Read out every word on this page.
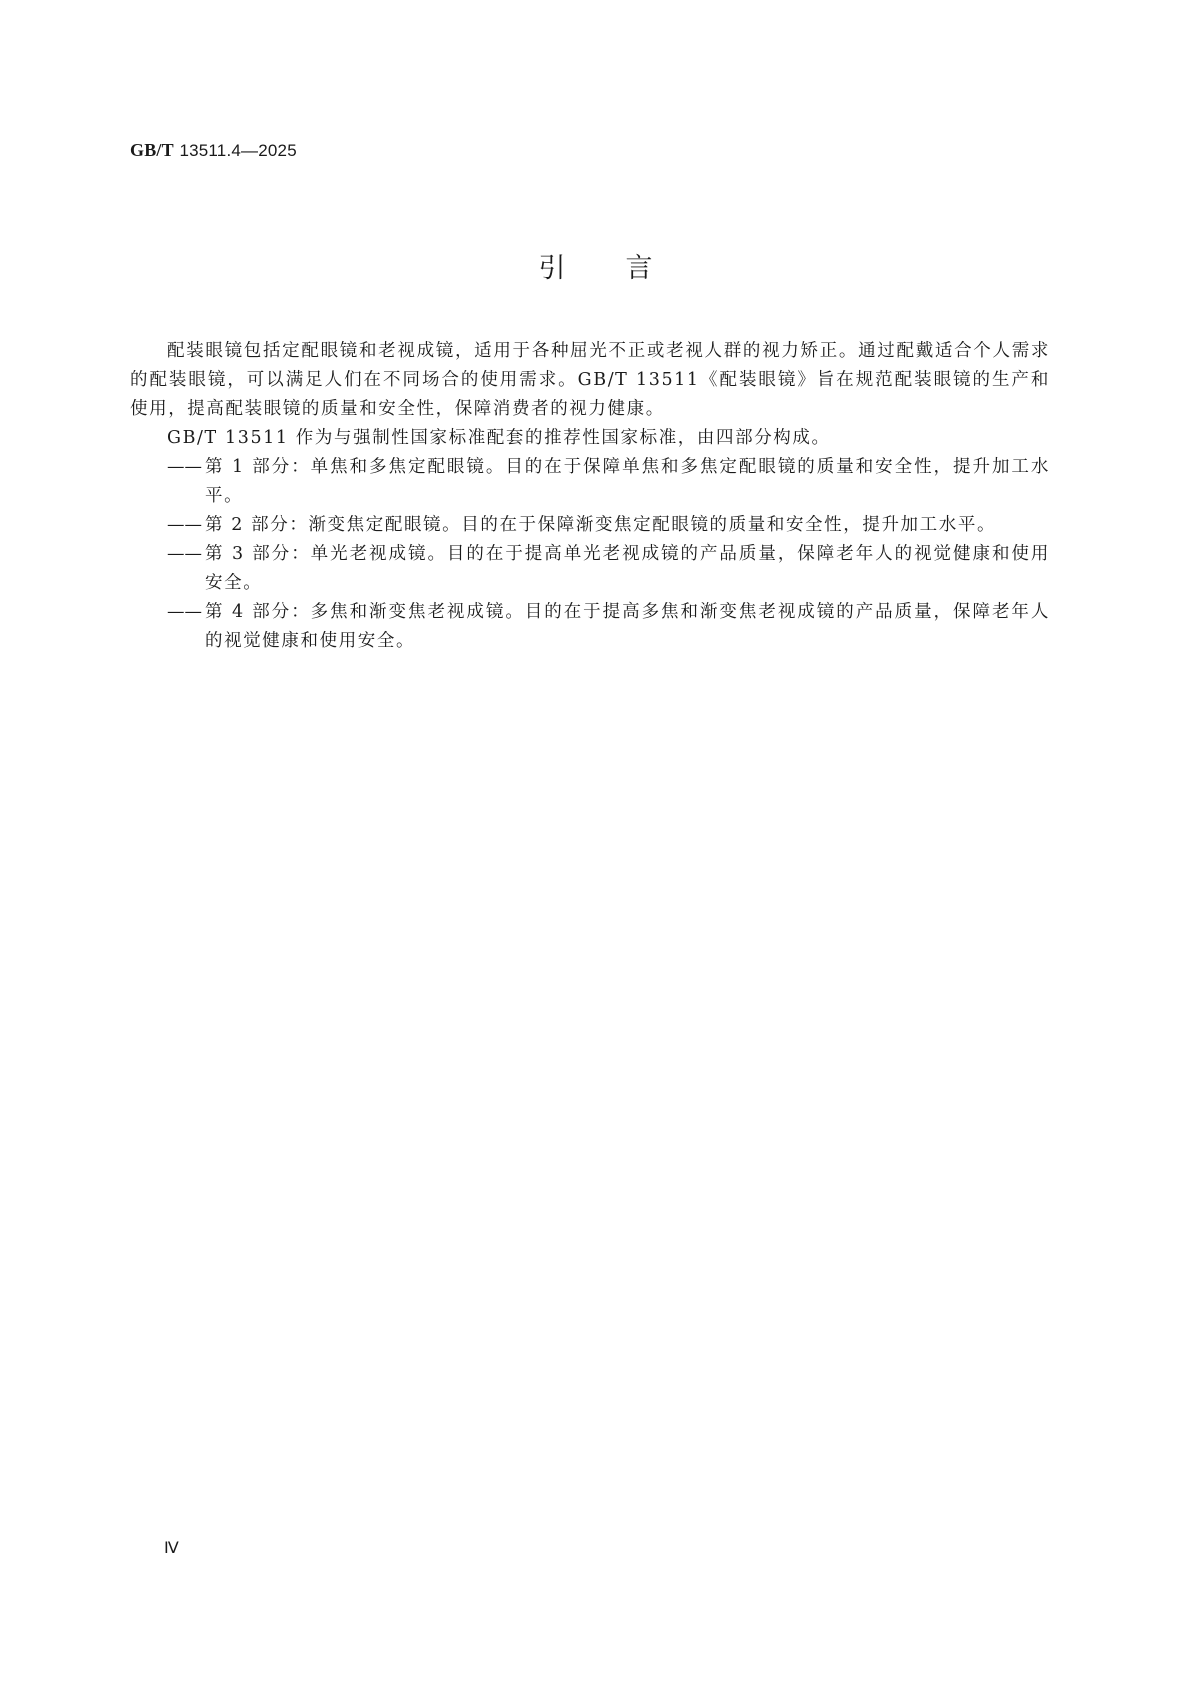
GB/T 13511.4—2025
引言

配装眼镜包括定配眼镜和老视成镜，适用于各种屈光不正或老视人群的视力矫正。通过配戴适合个人需求的配装眼镜，可以满足人们在不同场合的使用需求。GB/T 13511《配装眼镜》旨在规范配装眼镜的生产和使用，提高配装眼镜的质量和安全性，保障消费者的视力健康。

GB/T 13511 作为与强制性国家标准配套的推荐性国家标准，由四部分构成。

—— 第 1 部分：单焦和多焦定配眼镜。目的在于保障单焦和多焦定配眼镜的质量和安全性，提升加工水平。
—— 第 2 部分：渐变焦定配眼镜。目的在于保障渐变焦定配眼镜的质量和安全性，提升加工水平。
—— 第 3 部分：单光老视成镜。目的在于提高单光老视成镜的产品质量，保障老年人的视觉健康和使用安全。
—— 第 4 部分：多焦和渐变焦老视成镜。目的在于提高多焦和渐变焦老视成镜的产品质量，保障老年人的视觉健康和使用安全。
Ⅳ
